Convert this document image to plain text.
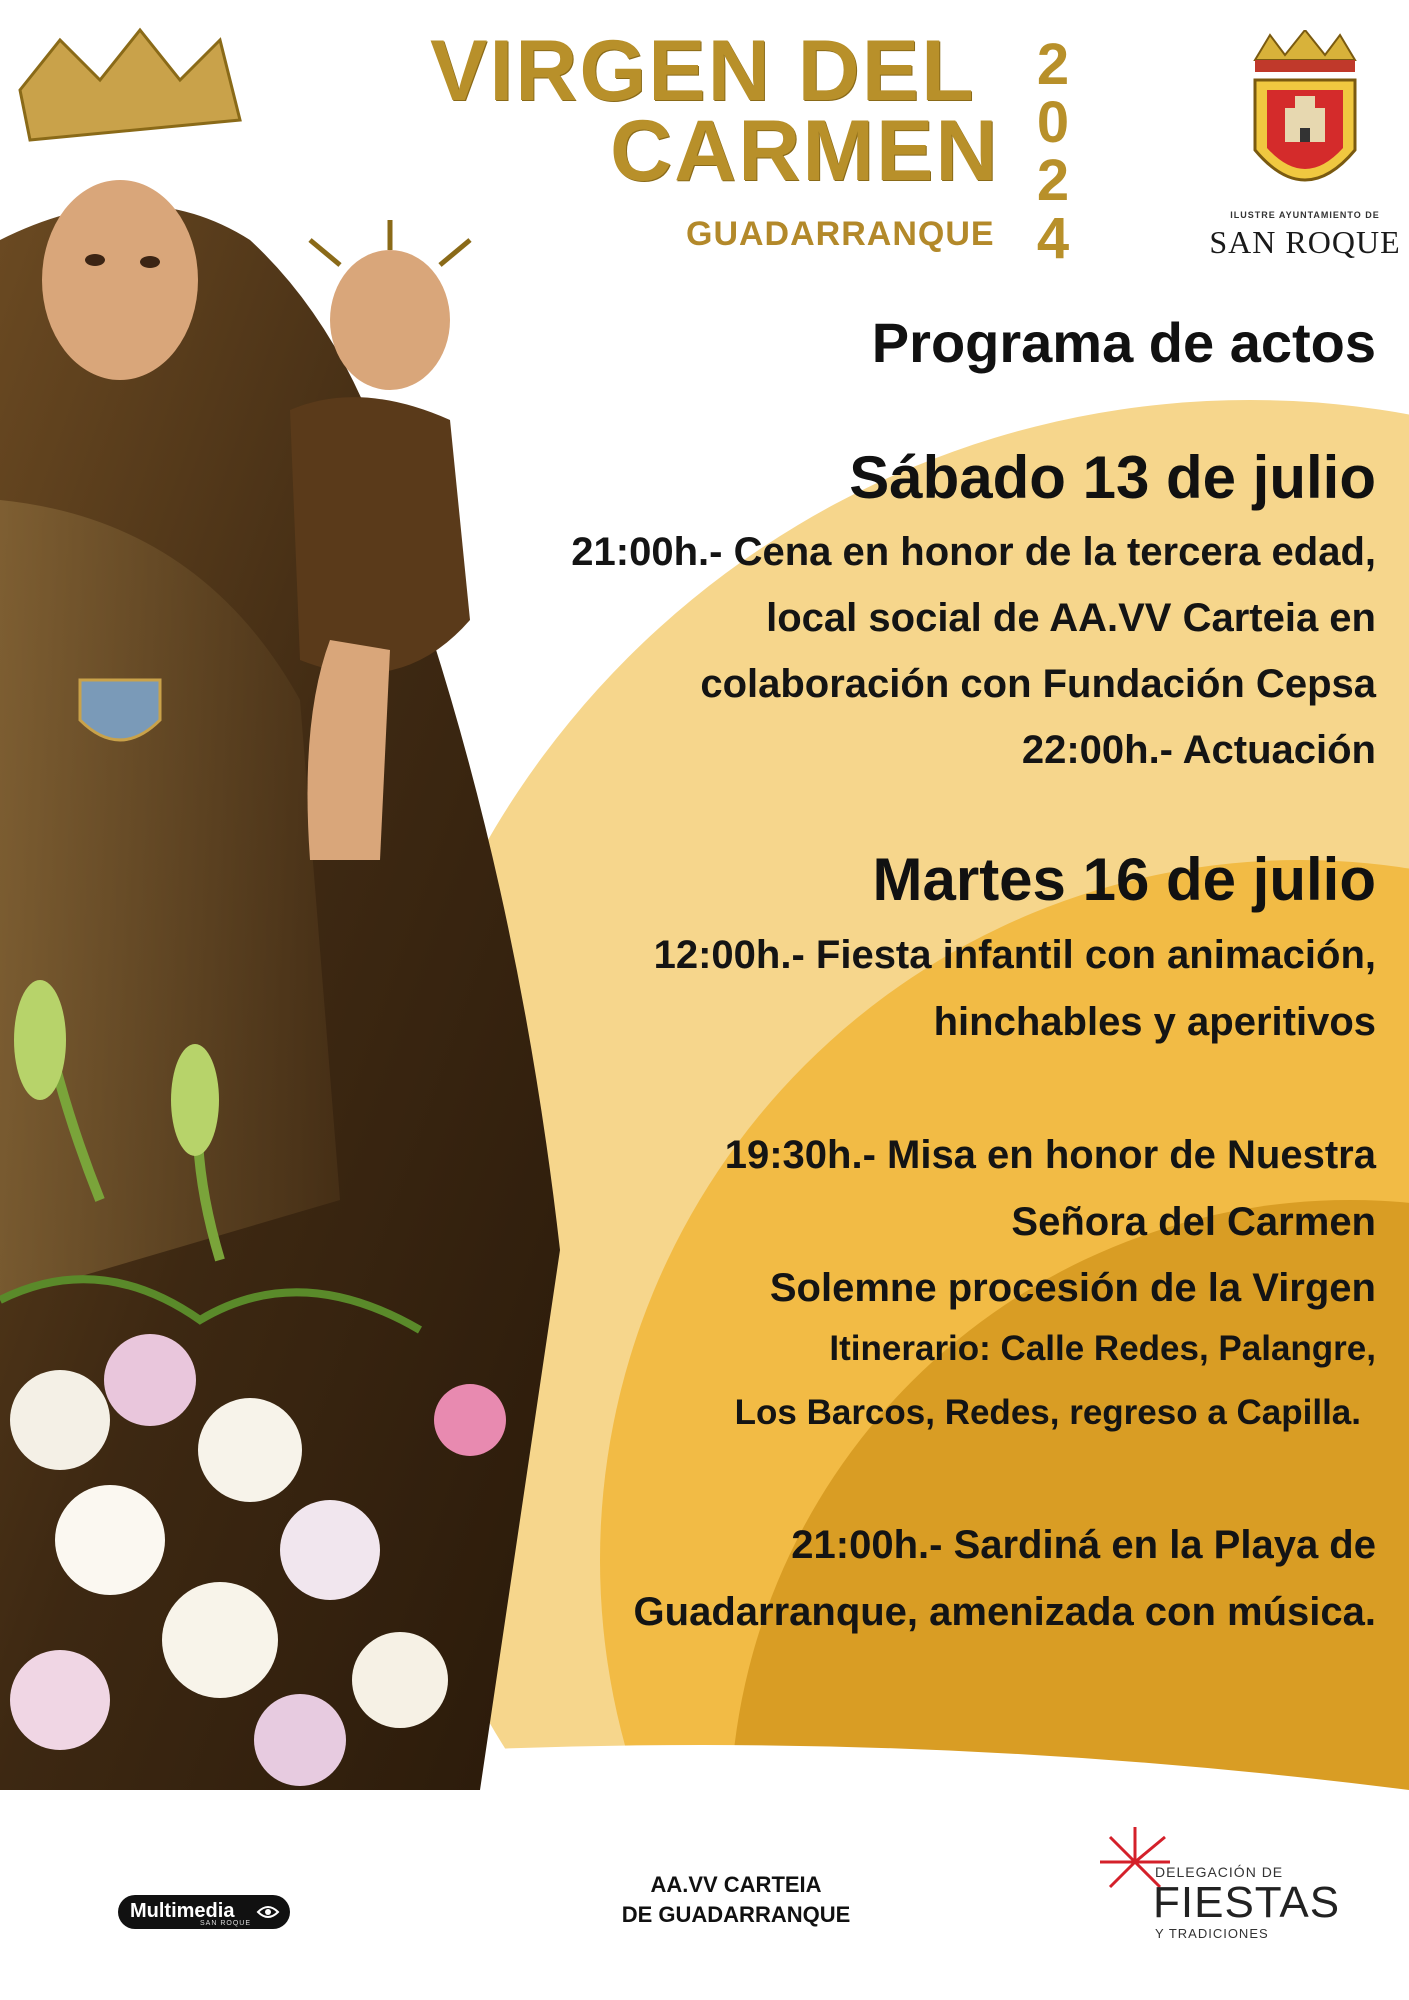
VIRGEN DEL
CARMEN
GUADARRANQUE
2
0
2
4	ILUSTRE AYUNTAMIENTO DE
SAN ROQUE
Programa de actos
Sábado 13 de julio
21:00h.- Cena en honor de la tercera edad,
local social de AA.VV Carteia en
colaboración con Fundación Cepsa
22:00h.- Actuación
Martes 16 de julio
12:00h.- Fiesta infantil con animación,
hinchables y aperitivos
19:30h.- Misa en honor de Nuestra
Señora del Carmen
Solemne procesión de la Virgen
Itinerario: Calle Redes, Palangre,
Los Barcos, Redes, regreso a Capilla.
21:00h.- Sardiná en la Playa de
Guadarranque, amenizada con música.
Multimedia
SAN ROQUE
AA.VV CARTEIA
DE GUADARRANQUE
DELEGACIÓN DE
FIESTAS
Y TRADICIONES
